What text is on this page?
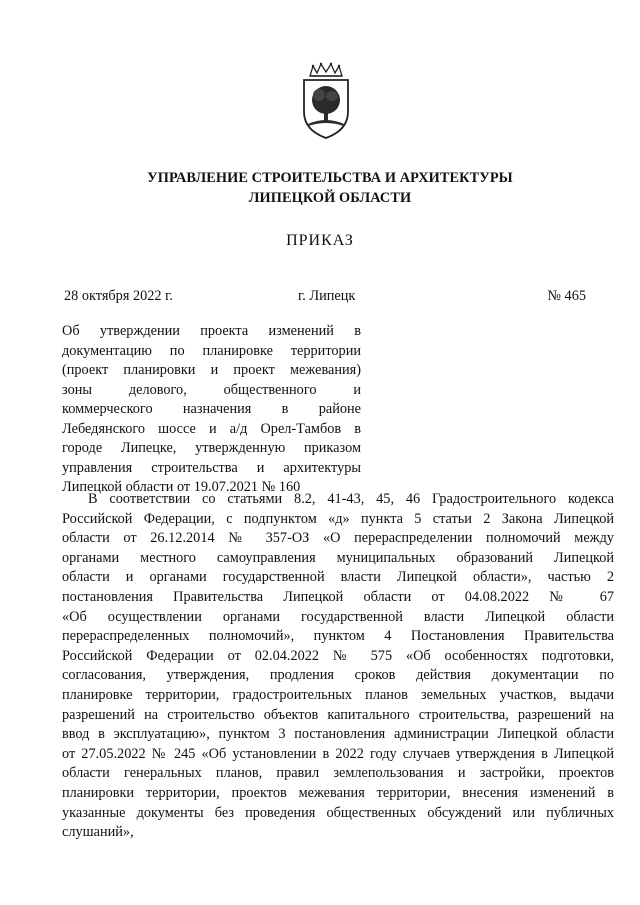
УПРАВЛЕНИЕ СТРОИТЕЛЬСТВА И АРХИТЕКТУРЫ
ЛИПЕЦКОЙ ОБЛАСТИ
ПРИКАЗ
28 октября 2022 г.	г. Липецк	№ 465
Об утверждении проекта изменений в
документацию по планировке территории
(проект планировки и проект межевания)
зоны делового, общественного и
коммерческого назначения в районе
Лебедянского шоссе и а/д Орел-Тамбов в
городе Липецке, утвержденную приказом
управления строительства и архитектуры
Липецкой области от 19.07.2021 № 160
В соответствии со статьями 8.2, 41-43, 45, 46 Градостроительного кодекса
Российской Федерации, с подпунктом «д» пункта 5 статьи 2 Закона Липецкой
области от 26.12.2014 № 357-ОЗ «О перераспределении полномочий между
органами местного самоуправления муниципальных образований Липецкой
области и органами государственной власти Липецкой области», частью 2
постановления Правительства Липецкой области от 04.08.2022 № 67
«Об осуществлении органами государственной власти Липецкой области
перераспределенных полномочий», пунктом 4 Постановления Правительства
Российской Федерации от 02.04.2022 № 575 «Об особенностях подготовки,
согласования, утверждения, продления сроков действия документации по
планировке территории, градостроительных планов земельных участков, выдачи
разрешений на строительство объектов капитального строительства, разрешений на
ввод в эксплуатацию», пунктом 3 постановления администрации Липецкой области
от 27.05.2022 № 245 «Об установлении в 2022 году случаев утверждения в Липецкой
области генеральных планов, правил землепользования и застройки, проектов
планировки территории, проектов межевания территории, внесения изменений в
указанные документы без проведения общественных обсуждений или публичных
слушаний»,
